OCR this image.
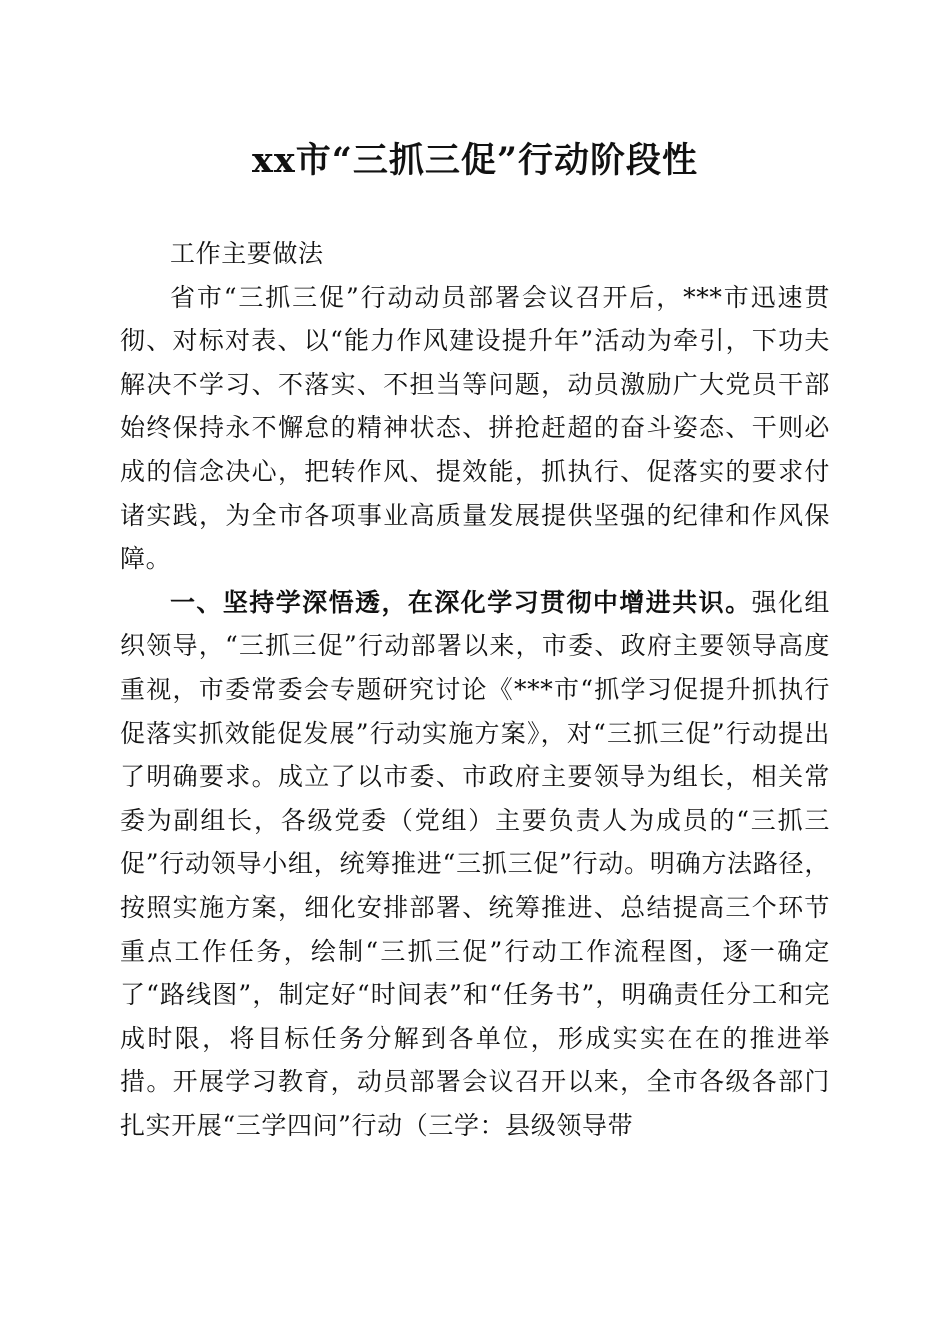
xx市“三抓三促”行动阶段性

工作主要做法

省市“三抓三促”行动动员部署会议召开后，***市迅速贯彻、对标对表、以“能力作风建设提升年”活动为牵引，下功夫解决不学习、不落实、不担当等问题，动员激励广大党员干部始终保持永不懈怠的精神状态、拼抢赶超的奋斗姿态、干则必成的信念决心，把转作风、提效能，抓执行、促落实的要求付诸实践，为全市各项事业高质量发展提供坚强的纪律和作风保障。

一、坚持学深悟透，在深化学习贯彻中增进共识。强化组织领导，“三抓三促”行动部署以来，市委、政府主要领导高度重视，市委常委会专题研究讨论《***市“抓学习促提升抓执行促落实抓效能促发展”行动实施方案》，对“三抓三促”行动提出了明确要求。成立了以市委、市政府主要领导为组长，相关常委为副组长，各级党委（党组）主要负责人为成员的“三抓三促”行动领导小组，统筹推进“三抓三促”行动。明确方法路径，按照实施方案，细化安排部署、统筹推进、总结提高三个环节重点工作任务，绘制“三抓三促”行动工作流程图，逐一确定了“路线图”，制定好“时间表”和“任务书”，明确责任分工和完成时限，将目标任务分解到各单位，形成实实在在的推进举措。开展学习教育，动员部署会议召开以来，全市各级各部门扎实开展“三学四问”行动（三学：县级领导带
